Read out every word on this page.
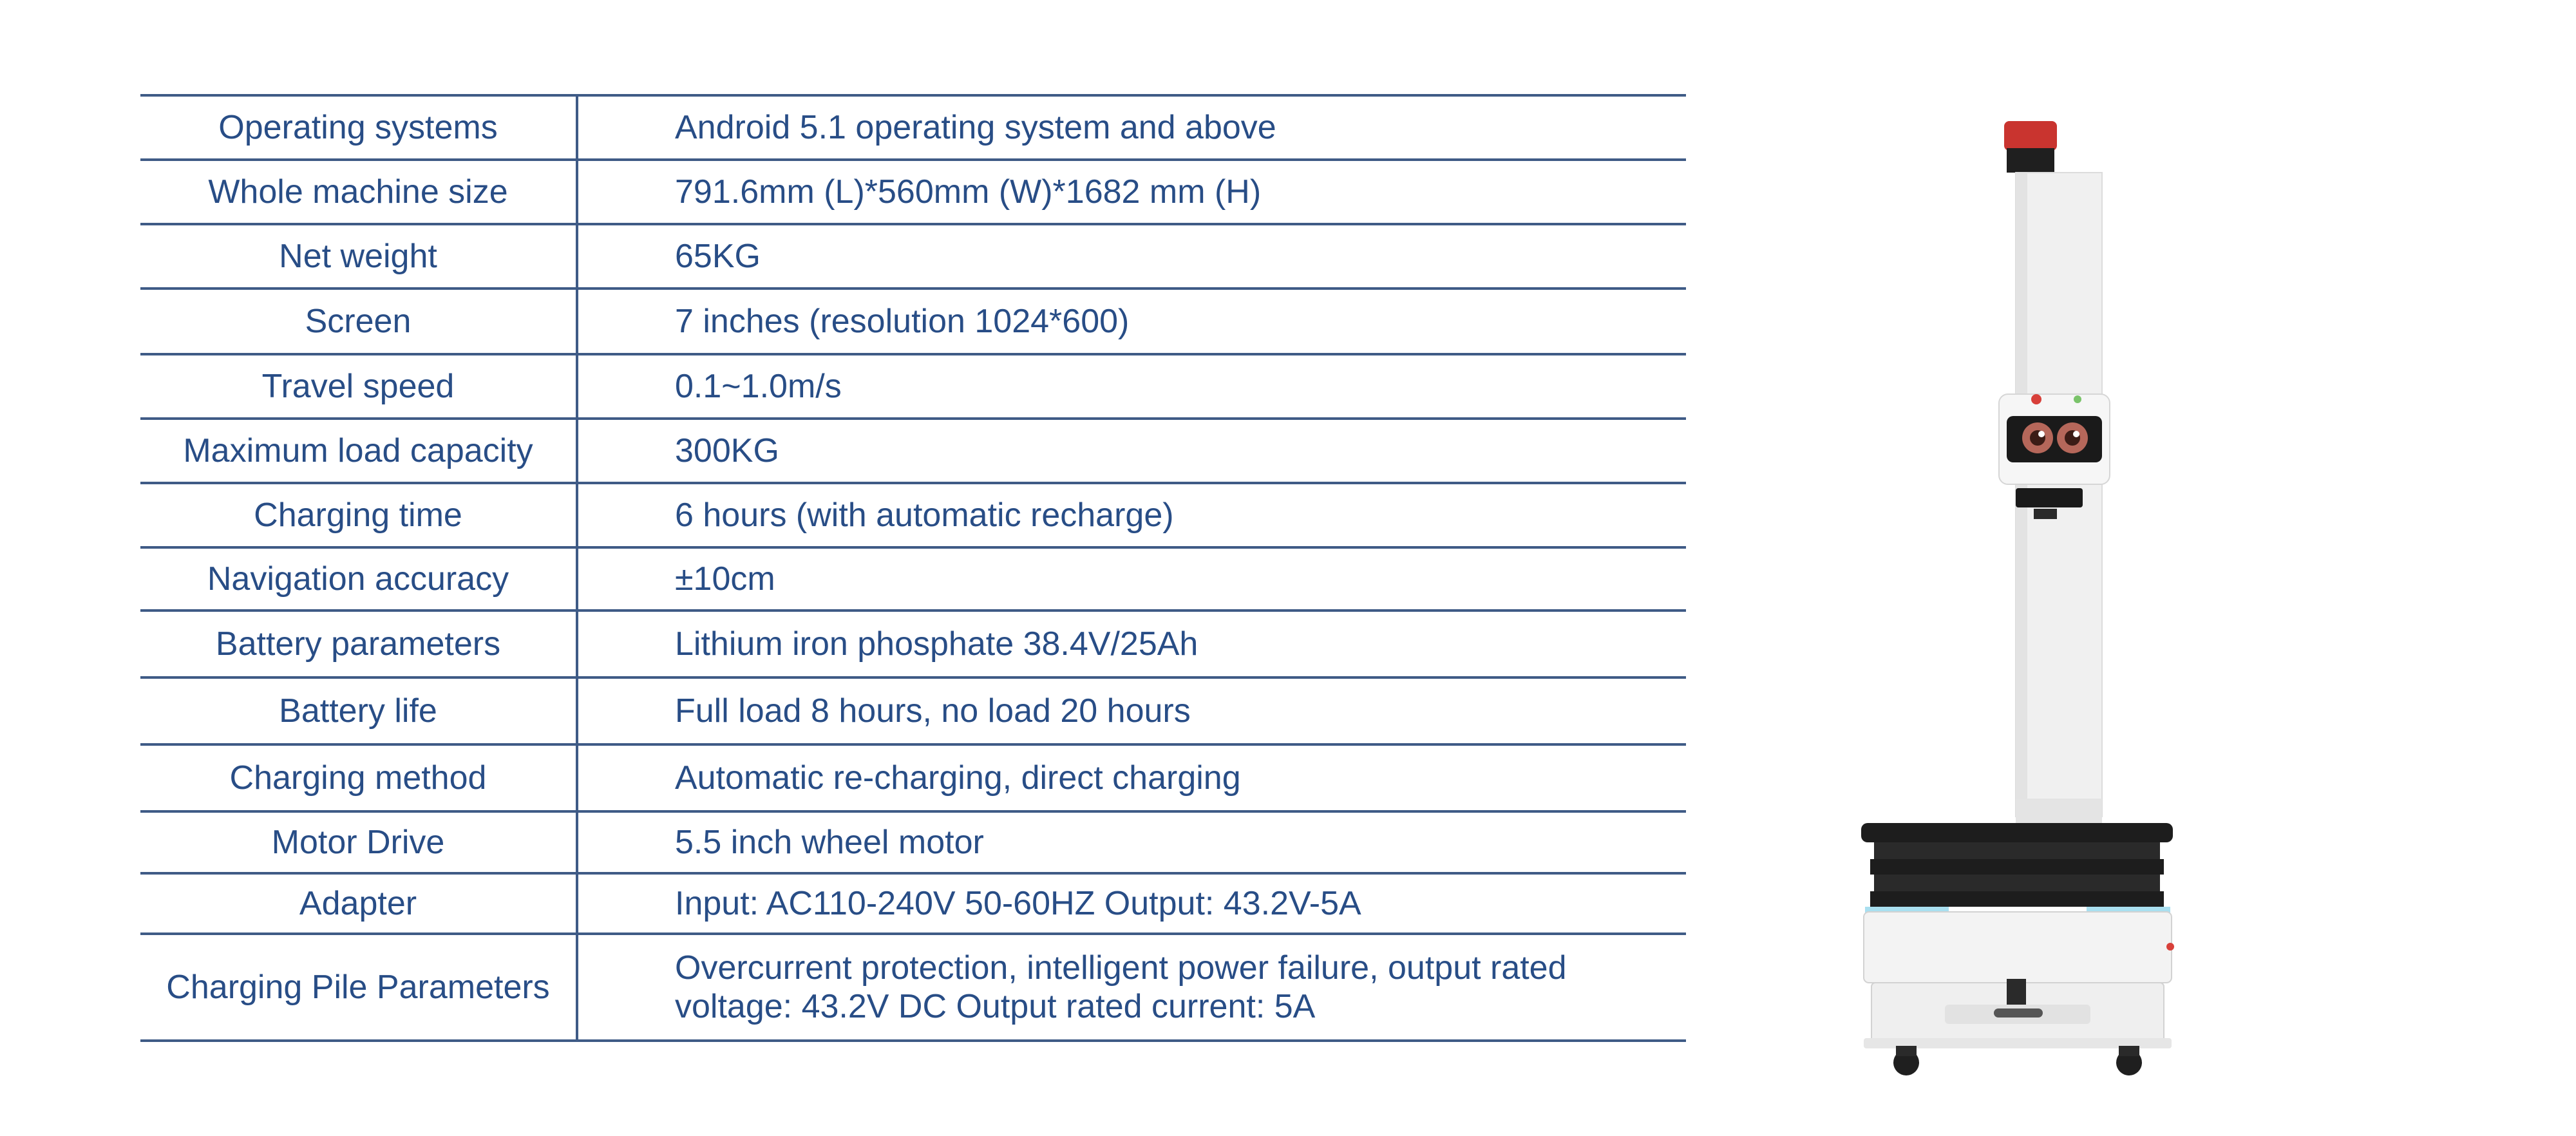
Operating systems	Android 5.1 operating system and above
Whole machine size	791.6mm (L)*560mm (W)*1682 mm (H)
Net weight	65KG
Screen	7 inches (resolution 1024*600)
Travel speed	0.1~1.0m/s
Maximum load capacity	300KG
Charging time	6 hours (with automatic recharge)
Navigation accuracy	±10cm
Battery parameters	Lithium iron phosphate 38.4V/25Ah
Battery life	Full load 8 hours, no load 20 hours
Charging method	Automatic re-charging, direct charging
Motor Drive	5.5 inch wheel motor
Adapter	Input: AC110-240V 50-60HZ Output: 43.2V-5A
Charging Pile Parameters	Overcurrent protection, intelligent power failure, output rated voltage: 43.2V DC Output rated current: 5A
